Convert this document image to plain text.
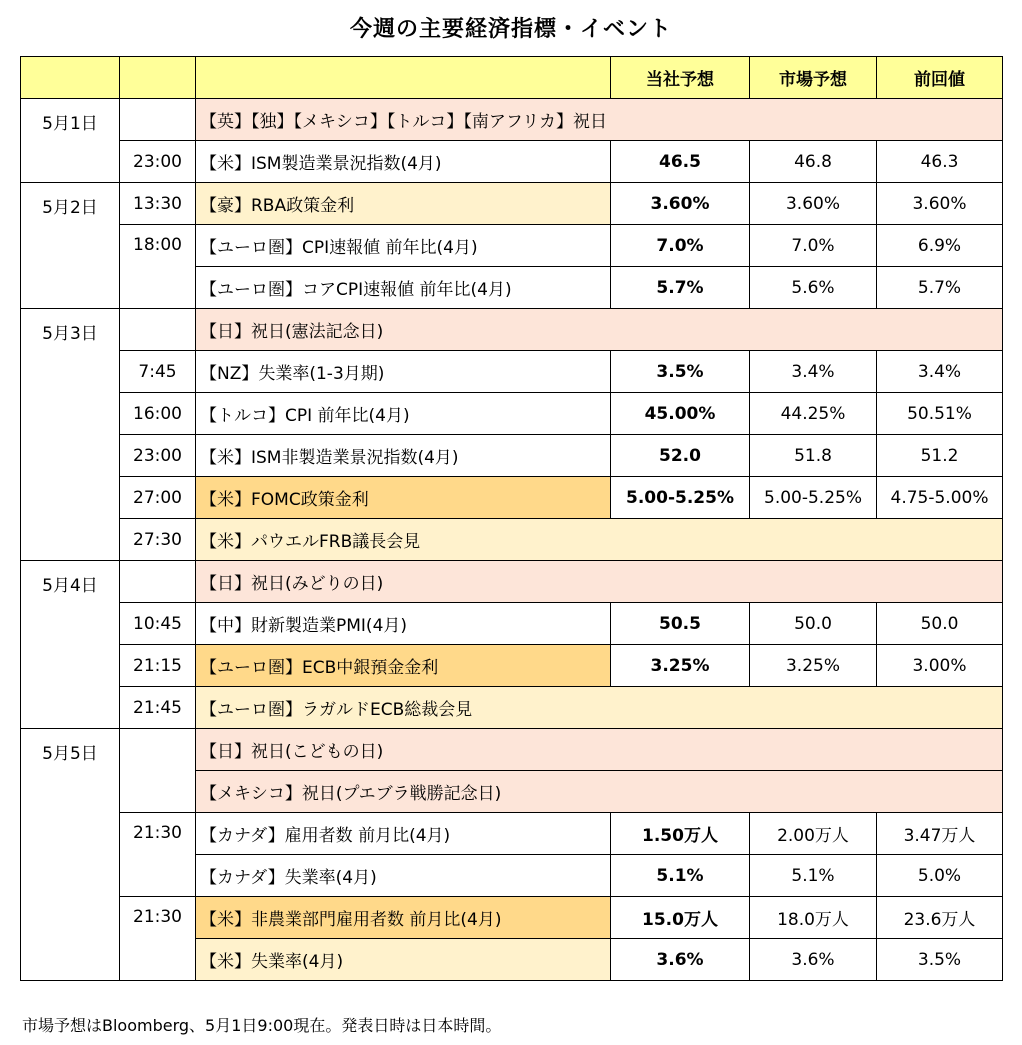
今週の主要経済指標・イベント
			当社予想	市場予想	前回値
5月1日		【英】【独】【メキシコ】【トルコ】【南アフリカ】祝日			
	23:00	【米】ISM製造業景況指数(4月)	46.5	46.8	46.3
5月2日	13:30	【豪】RBA政策金利	3.60%	3.60%	3.60%
	18:00	【ユーロ圏】CPI速報値 前年比(4月)	7.0%	7.0%	6.9%
		【ユーロ圏】コアCPI速報値 前年比(4月)	5.7%	5.6%	5.7%
5月3日		【日】祝日(憲法記念日)			
	7:45	【NZ】失業率(1-3月期)	3.5%	3.4%	3.4%
	16:00	【トルコ】CPI 前年比(4月)	45.00%	44.25%	50.51%
	23:00	【米】ISM非製造業景況指数(4月)	52.0	51.8	51.2
	27:00	【米】FOMC政策金利	5.00-5.25%	5.00-5.25%	4.75-5.00%
	27:30	【米】パウエルFRB議長会見			
5月4日		【日】祝日(みどりの日)			
	10:45	【中】財新製造業PMI(4月)	50.5	50.0	50.0
	21:15	【ユーロ圏】ECB中銀預金金利	3.25%	3.25%	3.00%
	21:45	【ユーロ圏】ラガルドECB総裁会見			
5月5日		【日】祝日(こどもの日)			
		【メキシコ】祝日(プエブラ戦勝記念日)			
	21:30	【カナダ】雇用者数 前月比(4月)	1.50万人	2.00万人	3.47万人
		【カナダ】失業率(4月)	5.1%	5.1%	5.0%
	21:30	【米】非農業部門雇用者数 前月比(4月)	15.0万人	18.0万人	23.6万人
		【米】失業率(4月)	3.6%	3.6%	3.5%
市場予想はBloomberg、5月1日9:00現在。発表日時は日本時間。
